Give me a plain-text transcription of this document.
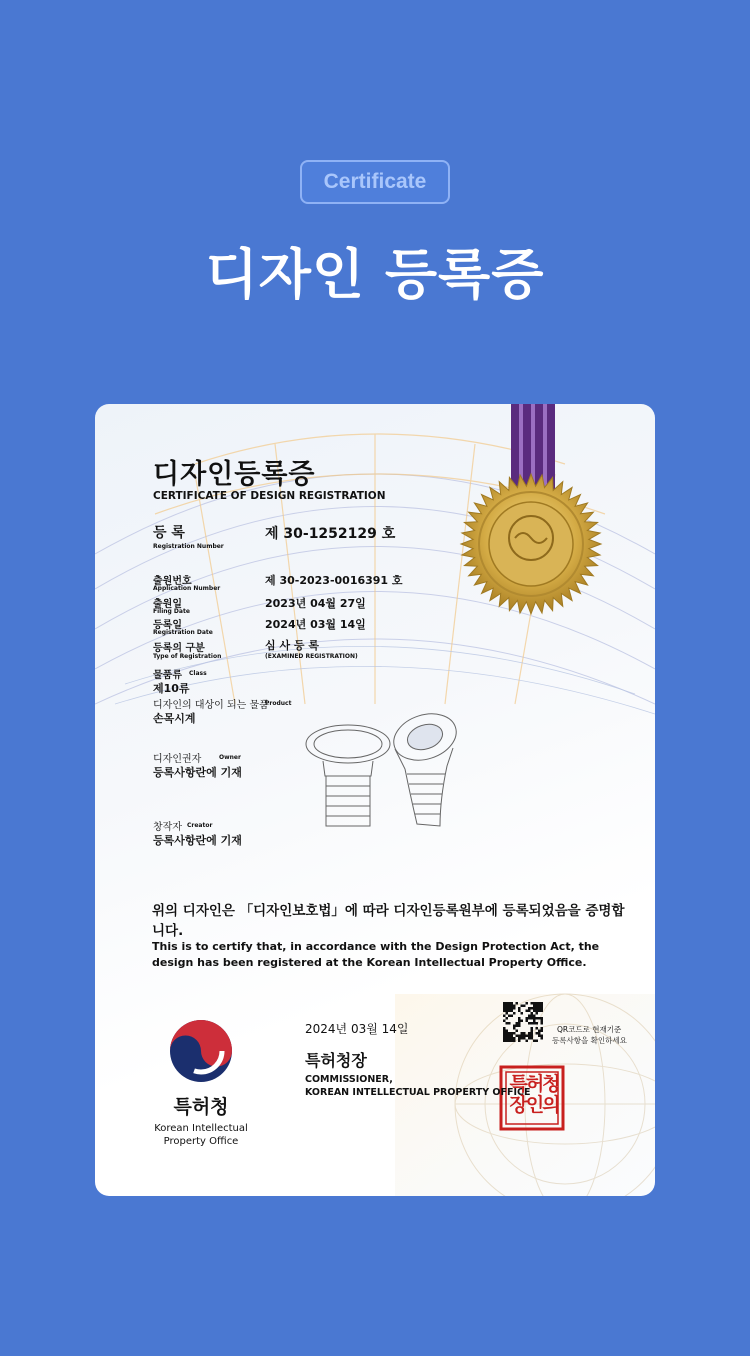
Certificate
디자인 등록증
디자인등록증
CERTIFICATE OF DESIGN REGISTRATION
등 록
Registration Number
제 30-1252129 호
출원번호
Application Number
제 30-2023-0016391 호
출원일
Filing Date
2023년 04월 27일
등록일
Registration Date
2024년 03월 14일
등록의 구분
Type of Registration
심 사 등 록
(EXAMINED REGISTRATION)
물품류 Class
제10류
디자인의 대상이 되는 물품
Product
손목시계
디자인권자	Owner
등록사항란에 기재
창작자 Creator
등록사항란에 기재
위의 디자인은 「디자인보호법」에 따라 디자인등록원부에 등록되었음을 증명합니다.
This is to certify that, in accordance with the Design Protection Act, the design has been registered at the Korean Intellectual Property Office.
2024년 03월 14일
특허청장
COMMISSIONER,
KOREAN INTELLECTUAL PROPERTY OFFICE
QR코드로 현재기준
등록사항을 확인하세요
특허청장인의
특허청
Korean Intellectual
Property Office
